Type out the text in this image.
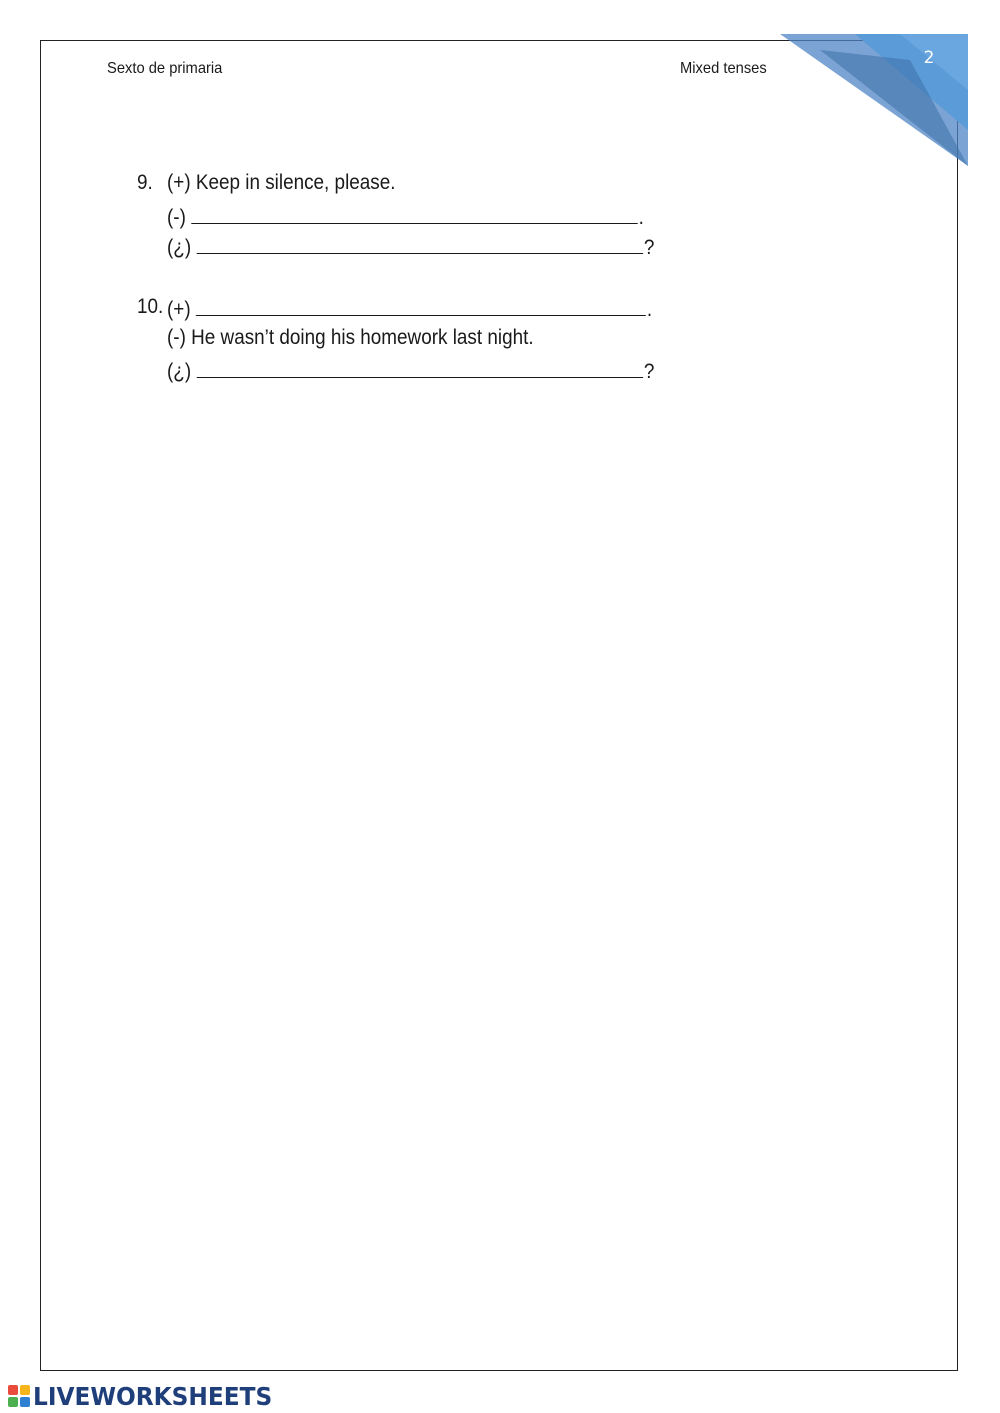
2
Sexto de primaria	Mixed tenses
9. (+) Keep in silence, please.
(-)	.
(¿)	?
10. (+)	.
(-) He wasn’t doing his homework last night.
(¿)	?
LIVEWORKSHEETS
